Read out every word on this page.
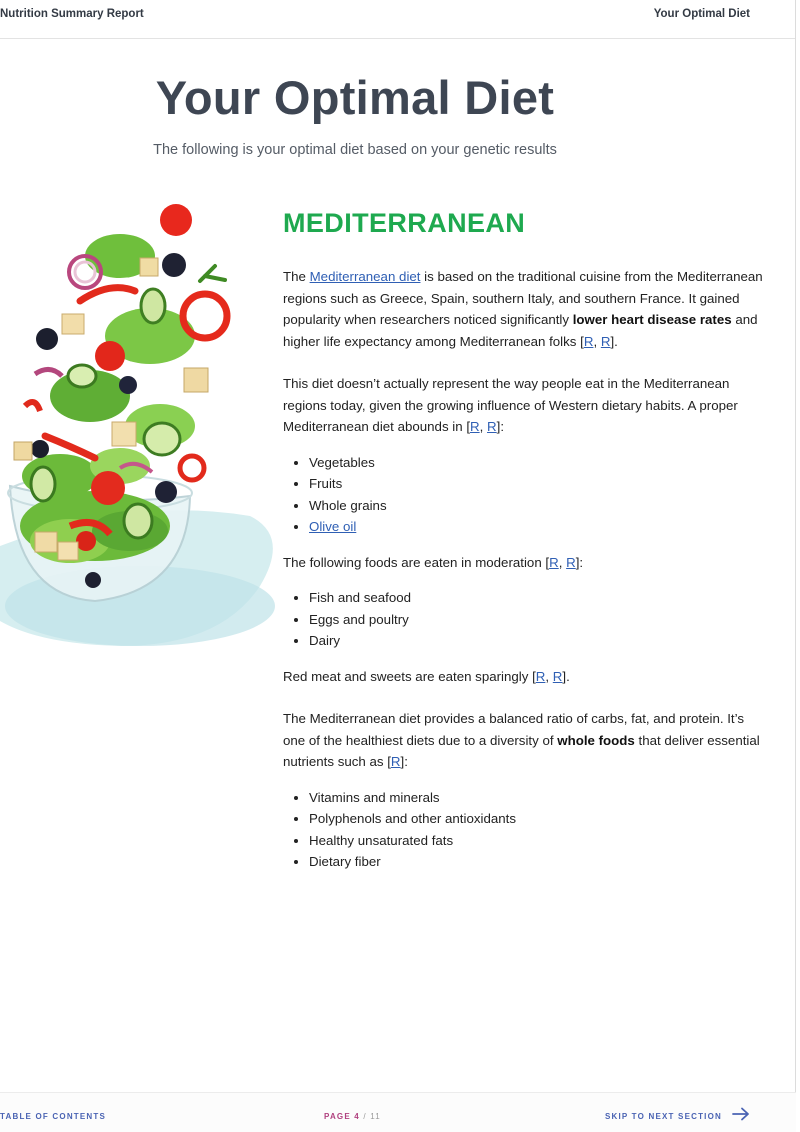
Nutrition Summary Report	Your Optimal Diet
Your Optimal Diet

The following is your optimal diet based on your genetic results

MEDITERRANEAN

The Mediterranean diet is based on the traditional cuisine from the Mediterranean regions such as Greece, Spain, southern Italy, and southern France. It gained popularity when researchers noticed significantly lower heart disease rates and higher life expectancy among Mediterranean folks [R, R].

This diet doesn’t actually represent the way people eat in the Mediterranean regions today, given the growing influence of Western dietary habits. A proper Mediterranean diet abounds in [R, R]:

• Vegetables
• Fruits
• Whole grains
• Olive oil

The following foods are eaten in moderation [R, R]:

• Fish and seafood
• Eggs and poultry
• Dairy

Red meat and sweets are eaten sparingly [R, R].

The Mediterranean diet provides a balanced ratio of carbs, fat, and protein. It’s one of the healthiest diets due to a diversity of whole foods that deliver essential nutrients such as [R]:

• Vitamins and minerals
• Polyphenols and other antioxidants
• Healthy unsaturated fats
• Dietary fiber
TABLE OF CONTENTS	PAGE 4 / 11	SKIP TO NEXT SECTION
